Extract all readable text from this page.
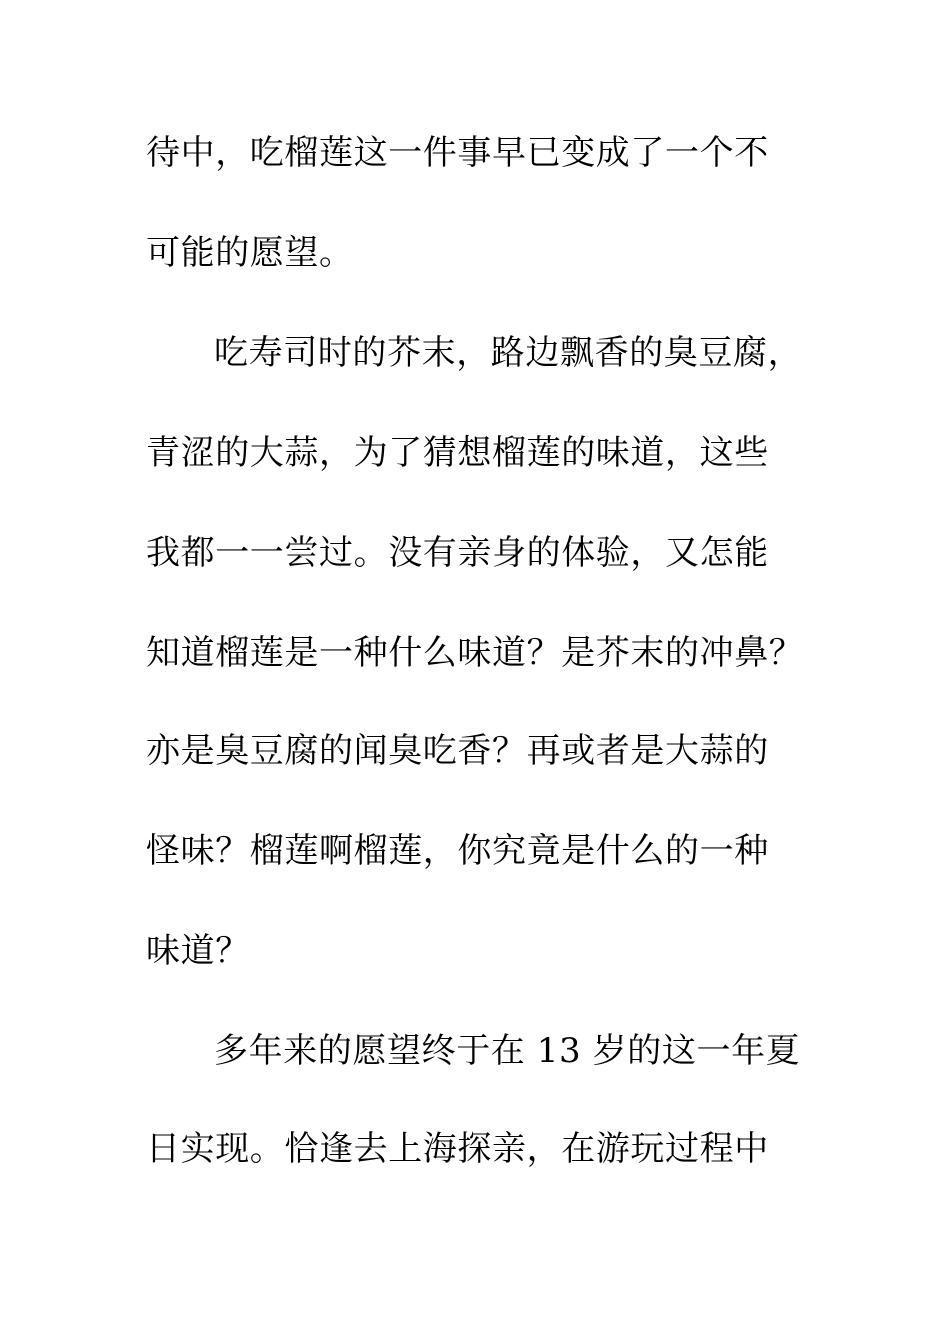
待中，吃榴莲这一件事早已变成了一个不
可能的愿望。
吃寿司时的芥末，路边飘香的臭豆腐，
青涩的大蒜，为了猜想榴莲的味道，这些
我都一一尝过。没有亲身的体验，又怎能
知道榴莲是一种什么味道？是芥末的冲鼻？
亦是臭豆腐的闻臭吃香？再或者是大蒜的
怪味？榴莲啊榴莲，你究竟是什么的一种
味道？
多年来的愿望终于在 13 岁的这一年夏
日实现。恰逢去上海探亲，在游玩过程中
